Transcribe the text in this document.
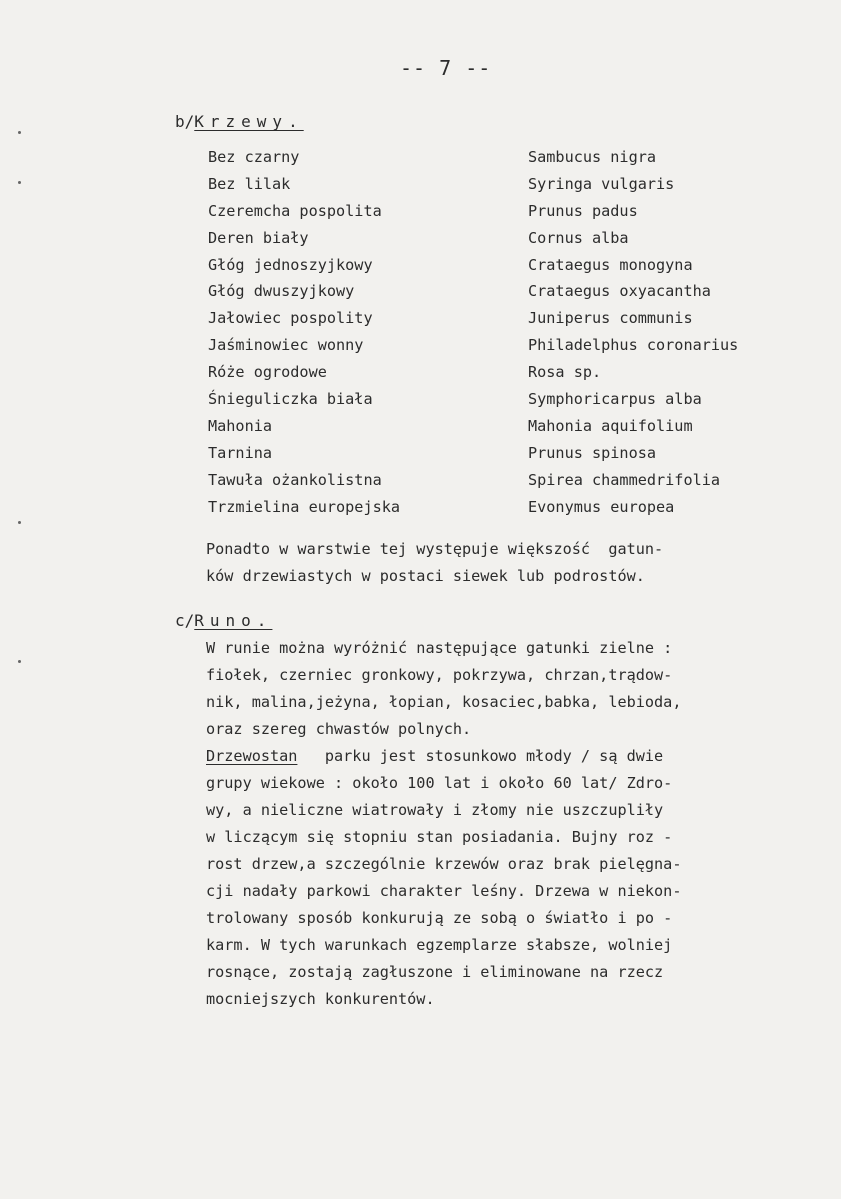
-- 7 --
b/Krzewy.
Bez czarny	Sambucus nigra
Bez lilak	Syringa vulgaris
Czeremcha pospolita	Prunus padus
Deren biały	Cornus alba
Głóg jednoszyjkowy	Crataegus monogyna
Głóg dwuszyjkowy	Crataegus oxyacantha
Jałowiec pospolity	Juniperus communis
Jaśminowiec wonny	Philadelphus coronarius
Róże ogrodowe	Rosa sp.
Śnieguliczka biała	Symphoricarpus alba
Mahonia	Mahonia aquifolium
Tarnina	Prunus spinosa
Tawuła ożankolistna	Spirea chammedrifolia
Trzmielina europejska	Evonymus europea
Ponadto w warstwie tej występuje większość  gatun-
ków drzewiastych w postaci siewek lub podrostów.
c/Runo.
W runie można wyróżnić następujące gatunki zielne :
fiołek, czerniec gronkowy, pokrzywa, chrzan,trądow-
nik, malina,jeżyna, łopian, kosaciec,babka, lebioda,
oraz szereg chwastów polnych.
Drzewostan   parku jest stosunkowo młody / są dwie
grupy wiekowe : około 100 lat i około 60 lat/ Zdro-
wy, a nieliczne wiatrowały i złomy nie uszczupliły
w liczącym się stopniu stan posiadania. Bujny roz -
rost drzew,a szczególnie krzewów oraz brak pielęgna-
cji nadały parkowi charakter leśny. Drzewa w niekon-
trolowany sposób konkurują ze sobą o światło i po -
karm. W tych warunkach egzemplarze słabsze, wolniej
rosnące, zostają zagłuszone i eliminowane na rzecz
mocniejszych konkurentów.
